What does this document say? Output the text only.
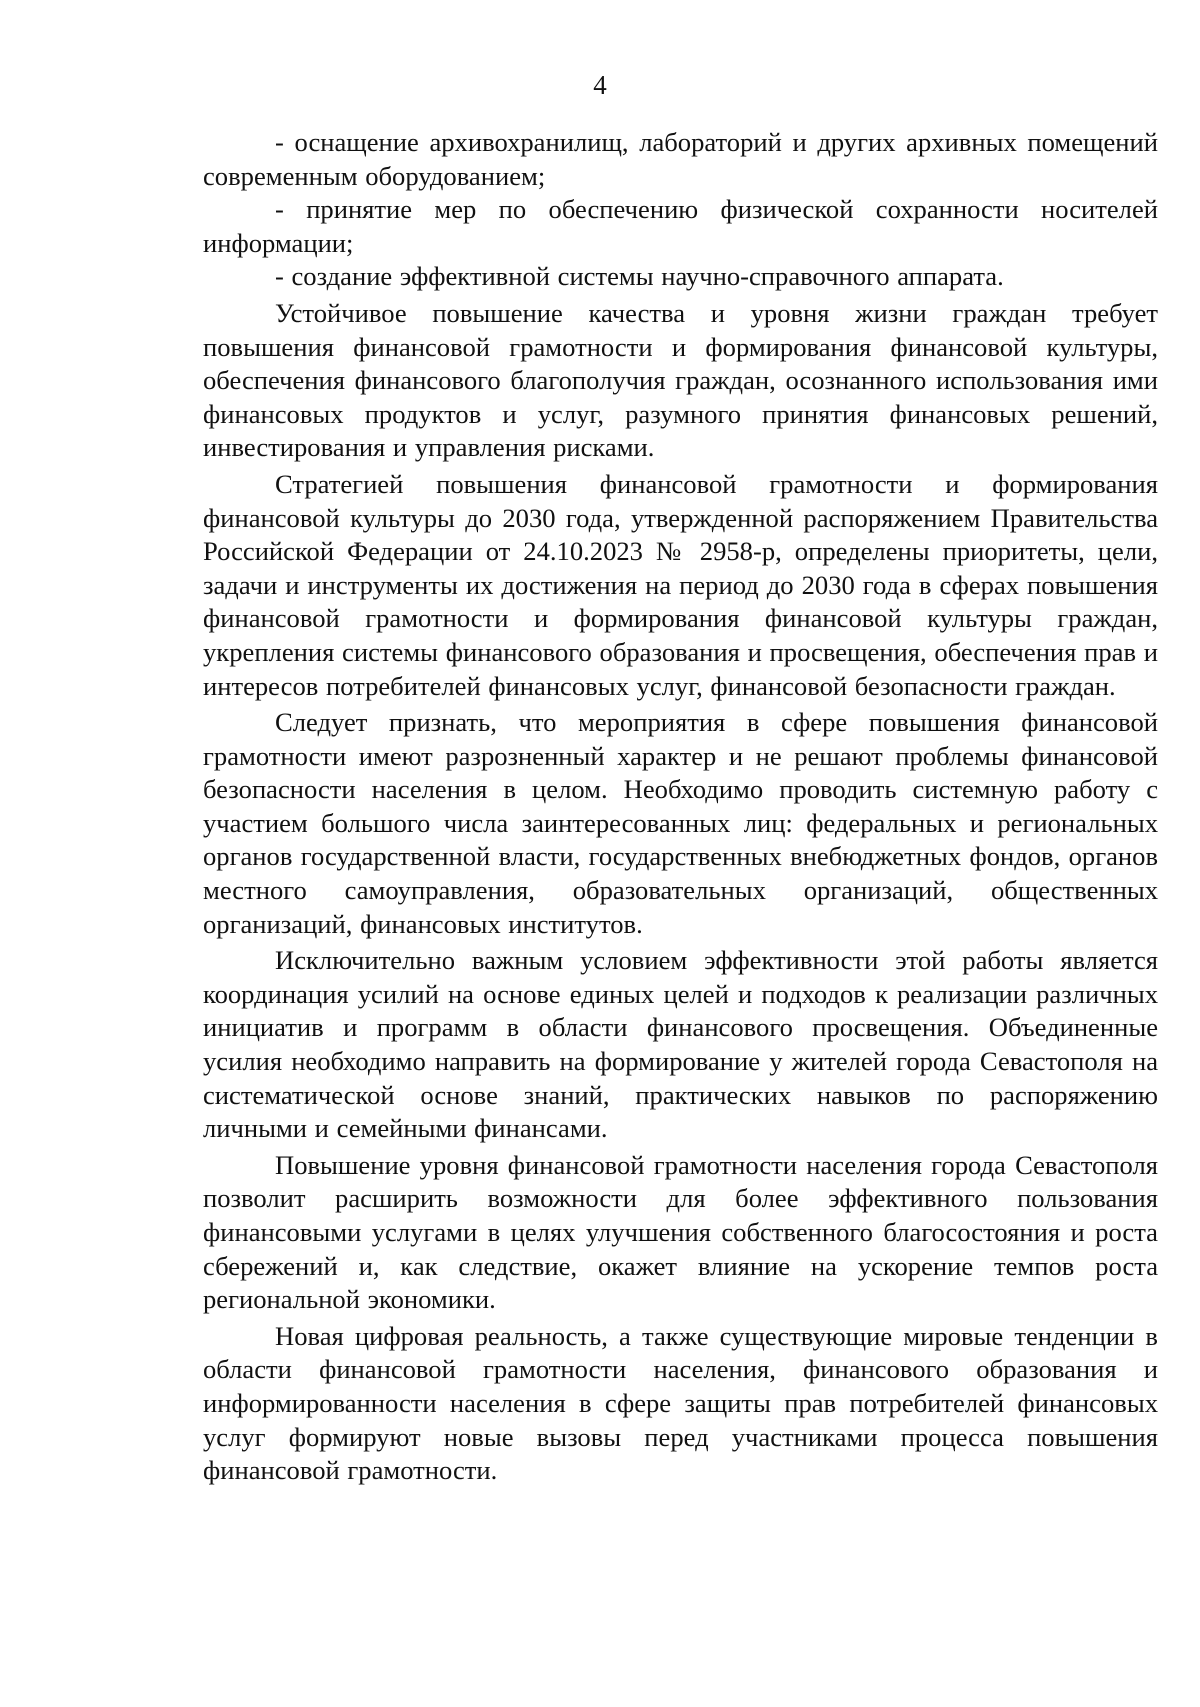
4

- оснащение архивохранилищ, лабораторий и других архивных помещений современным оборудованием;

- принятие мер по обеспечению физической сохранности носителей информации;

- создание эффективной системы научно-справочного аппарата.

Устойчивое повышение качества и уровня жизни граждан требует повышения финансовой грамотности и формирования финансовой культуры, обеспечения финансового благополучия граждан, осознанного использования ими финансовых продуктов и услуг, разумного принятия финансовых решений, инвестирования и управления рисками.

Стратегией повышения финансовой грамотности и формирования финансовой культуры до 2030 года, утвержденной распоряжением Правительства Российской Федерации от 24.10.2023 № 2958-р, определены приоритеты, цели, задачи и инструменты их достижения на период до 2030 года в сферах повышения финансовой грамотности и формирования финансовой культуры граждан, укрепления системы финансового образования и просвещения, обеспечения прав и интересов потребителей финансовых услуг, финансовой безопасности граждан.

Следует признать, что мероприятия в сфере повышения финансовой грамотности имеют разрозненный характер и не решают проблемы финансовой безопасности населения в целом. Необходимо проводить системную работу с участием большого числа заинтересованных лиц: федеральных и региональных органов государственной власти, государственных внебюджетных фондов, органов местного самоуправления, образовательных организаций, общественных организаций, финансовых институтов.

Исключительно важным условием эффективности этой работы является координация усилий на основе единых целей и подходов к реализации различных инициатив и программ в области финансового просвещения. Объединенные усилия необходимо направить на формирование у жителей города Севастополя на систематической основе знаний, практических навыков по распоряжению личными и семейными финансами.

Повышение уровня финансовой грамотности населения города Севастополя позволит расширить возможности для более эффективного пользования финансовыми услугами в целях улучшения собственного благосостояния и роста сбережений и, как следствие, окажет влияние на ускорение темпов роста региональной экономики.

Новая цифровая реальность, а также существующие мировые тенденции в области финансовой грамотности населения, финансового образования и информированности населения в сфере защиты прав потребителей финансовых услуг формируют новые вызовы перед участниками процесса повышения финансовой грамотности.
